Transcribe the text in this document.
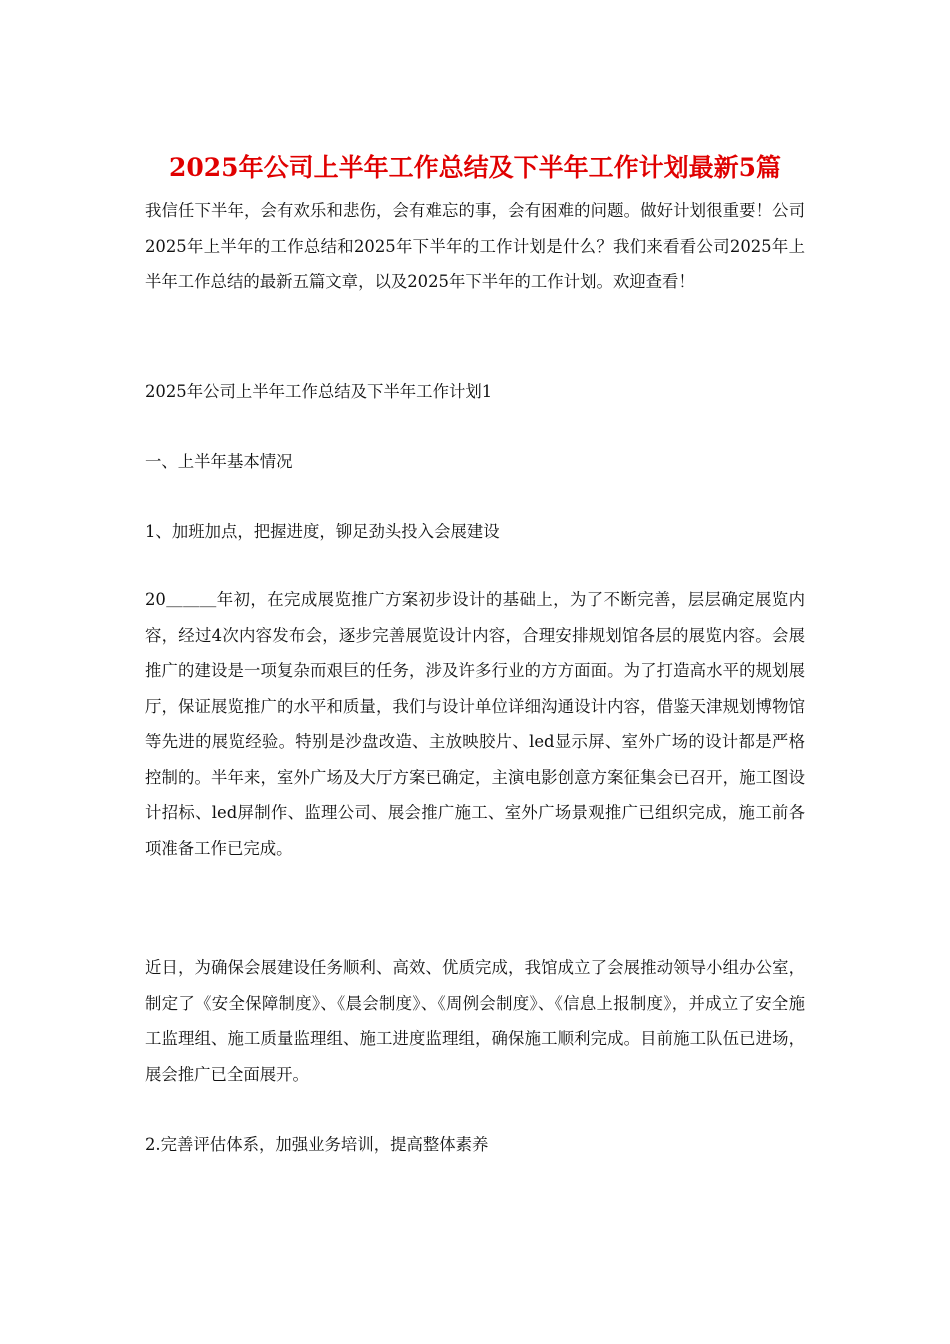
2025年公司上半年工作总结及下半年工作计划最新5篇

我信任下半年，会有欢乐和悲伤，会有难忘的事，会有困难的问题。做好计划很重要！公司2025年上半年的工作总结和2025年下半年的工作计划是什么？我们来看看公司2025年上半年工作总结的最新五篇文章，以及2025年下半年的工作计划。欢迎查看！

2025年公司上半年工作总结及下半年工作计划1

一、上半年基本情况

1、加班加点，把握进度，铆足劲头投入会展建设

20＿＿＿年初，在完成展览推广方案初步设计的基础上，为了不断完善，层层确定展览内容，经过4次内容发布会，逐步完善展览设计内容，合理安排规划馆各层的展览内容。会展推广的建设是一项复杂而艰巨的任务，涉及许多行业的方方面面。为了打造高水平的规划展厅，保证展览推广的水平和质量，我们与设计单位详细沟通设计内容，借鉴天津规划博物馆等先进的展览经验。特别是沙盘改造、主放映胶片、led显示屏、室外广场的设计都是严格控制的。半年来，室外广场及大厅方案已确定，主演电影创意方案征集会已召开，施工图设计招标、led屏制作、监理公司、展会推广施工、室外广场景观推广已组织完成，施工前各项准备工作已完成。

近日，为确保会展建设任务顺利、高效、优质完成，我馆成立了会展推动领导小组办公室，制定了《安全保障制度》、《晨会制度》、《周例会制度》、《信息上报制度》，并成立了安全施工监理组、施工质量监理组、施工进度监理组，确保施工顺利完成。目前施工队伍已进场，展会推广已全面展开。

2.完善评估体系，加强业务培训，提高整体素养
